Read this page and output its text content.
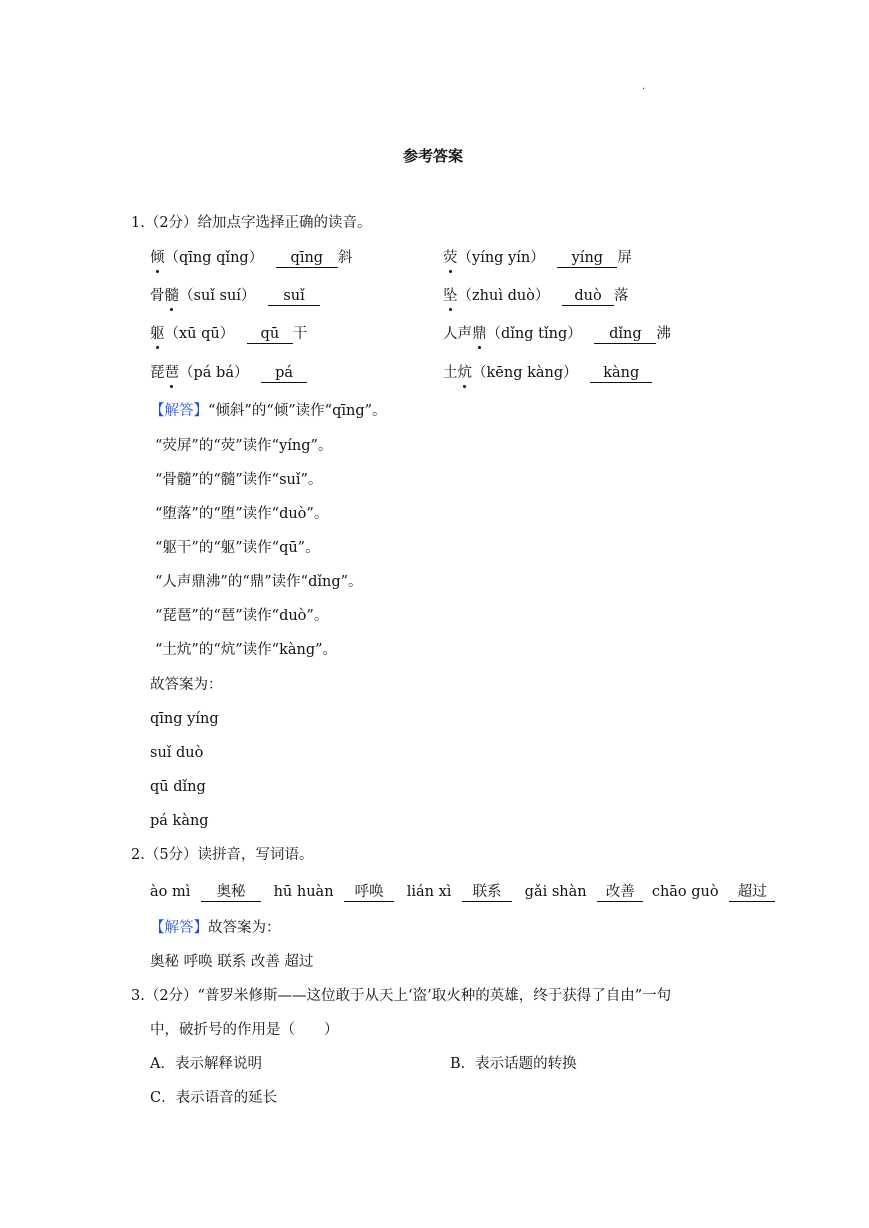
·
参考答案
1.（2分）给加点字选择正确的读音。
倾（qīng qǐng） qīng 斜	荧（yíng yín） yíng 屏
骨髓（suǐ suí） suǐ	坠（zhuì duò） duò 落
躯（xū qū） qū 干	人声鼎（dǐng tǐng） dǐng 沸
琵琶（pá bá） pá	土炕（kēng kàng） kàng
【解答】“倾斜”的“倾”读作“qīng”。
“荧屏”的“荧”读作“yíng”。
“骨髓”的“髓”读作“suǐ”。
“堕落”的“堕”读作“duò”。
“躯干”的“躯”读作“qū”。
“人声鼎沸”的“鼎”读作“dǐng”。
“琵琶”的“琶”读作“duò”。
“土炕”的“炕”读作“kàng”。
故答案为：
qīng yíng
suǐ duò
qū dǐng
pá kàng
2.（5分）读拼音，写词语。
ào mì 奥秘 hū huàn 呼唤 lián xì 联系 gǎi shàn 改善 chāo guò 超过
【解答】故答案为：
奥秘 呼唤 联系 改善 超过
3.（2分）“普罗米修斯——这位敢于从天上‘盗’取火种的英雄，终于获得了自由”一句
中，破折号的作用是（　　）
A．表示解释说明	B．表示话题的转换
C．表示语音的延长
